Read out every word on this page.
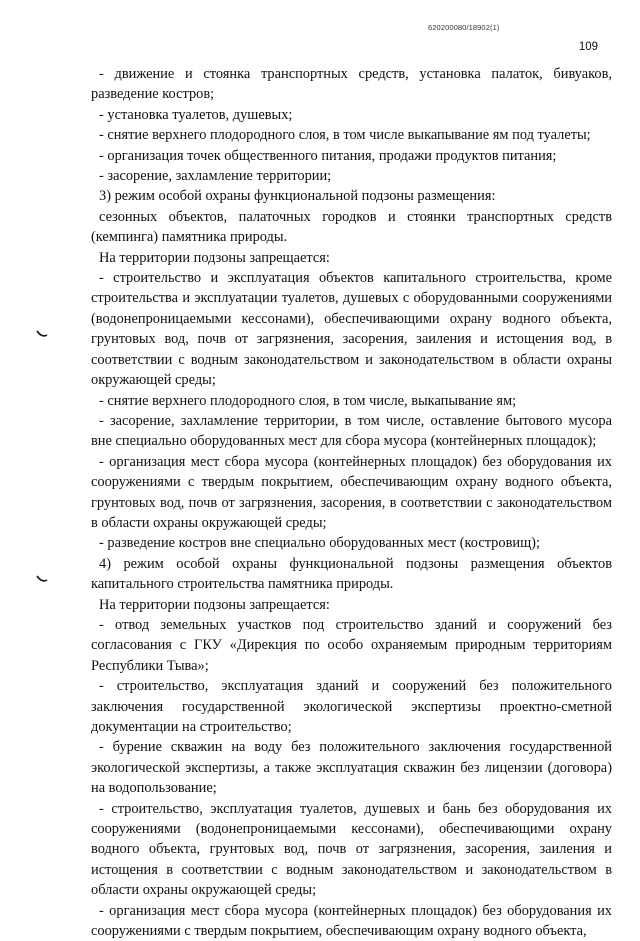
620200080/18902(1)
109

- движение и стоянка транспортных средств, установка палаток, бивуаков, разведение костров;

- установка туалетов, душевых;

- снятие верхнего плодородного слоя, в том числе выкапывание ям под туалеты;

- организация точек общественного питания, продажи продуктов питания;

- засорение, захламление территории;

3) режим особой охраны функциональной подзоны размещения:

сезонных объектов, палаточных городков и стоянки транспортных средств (кемпинга) памятника природы.

На территории подзоны запрещается:

- строительство и эксплуатация объектов капитального строительства, кроме строительства и эксплуатации туалетов, душевых с оборудованными сооружениями (водонепроницаемыми кессонами), обеспечивающими охрану водного объекта, грунтовых вод, почв от загрязнения, засорения, заиления и истощения вод, в соответствии с водным законодательством и законодательством в области охраны окружающей среды;

- снятие верхнего плодородного слоя, в том числе, выкапывание ям;

- засорение, захламление территории, в том числе, оставление бытового мусора вне специально оборудованных мест для сбора мусора (контейнерных площадок);

- организация мест сбора мусора (контейнерных площадок) без оборудования их сооружениями с твердым покрытием, обеспечивающим охрану водного объекта, грунтовых вод, почв от загрязнения, засорения, в соответствии с законодательством в области охраны окружающей среды;

- разведение костров вне специально оборудованных мест (костровищ);

4) режим особой охраны функциональной подзоны размещения объектов капитального строительства памятника природы.

На территории подзоны запрещается:

- отвод земельных участков под строительство зданий и сооружений без согласования с ГКУ «Дирекция по особо охраняемым природным территориям Республики Тыва»;

- строительство, эксплуатация зданий и сооружений без положительного заключения государственной экологической экспертизы проектно-сметной документации на строительство;

- бурение скважин на воду без положительного заключения государственной экологической экспертизы, а также эксплуатация скважин без лицензии (договора) на водопользование;

- строительство, эксплуатация туалетов, душевых и бань без оборудования их сооружениями (водонепроницаемыми кессонами), обеспечивающими охрану водного объекта, грунтовых вод, почв от загрязнения, засорения, заиления и истощения в соответствии с водным законодательством и законодательством в области охраны окружающей среды;

- организация мест сбора мусора (контейнерных площадок) без оборудования их сооружениями с твердым покрытием, обеспечивающим охрану водного объекта,
